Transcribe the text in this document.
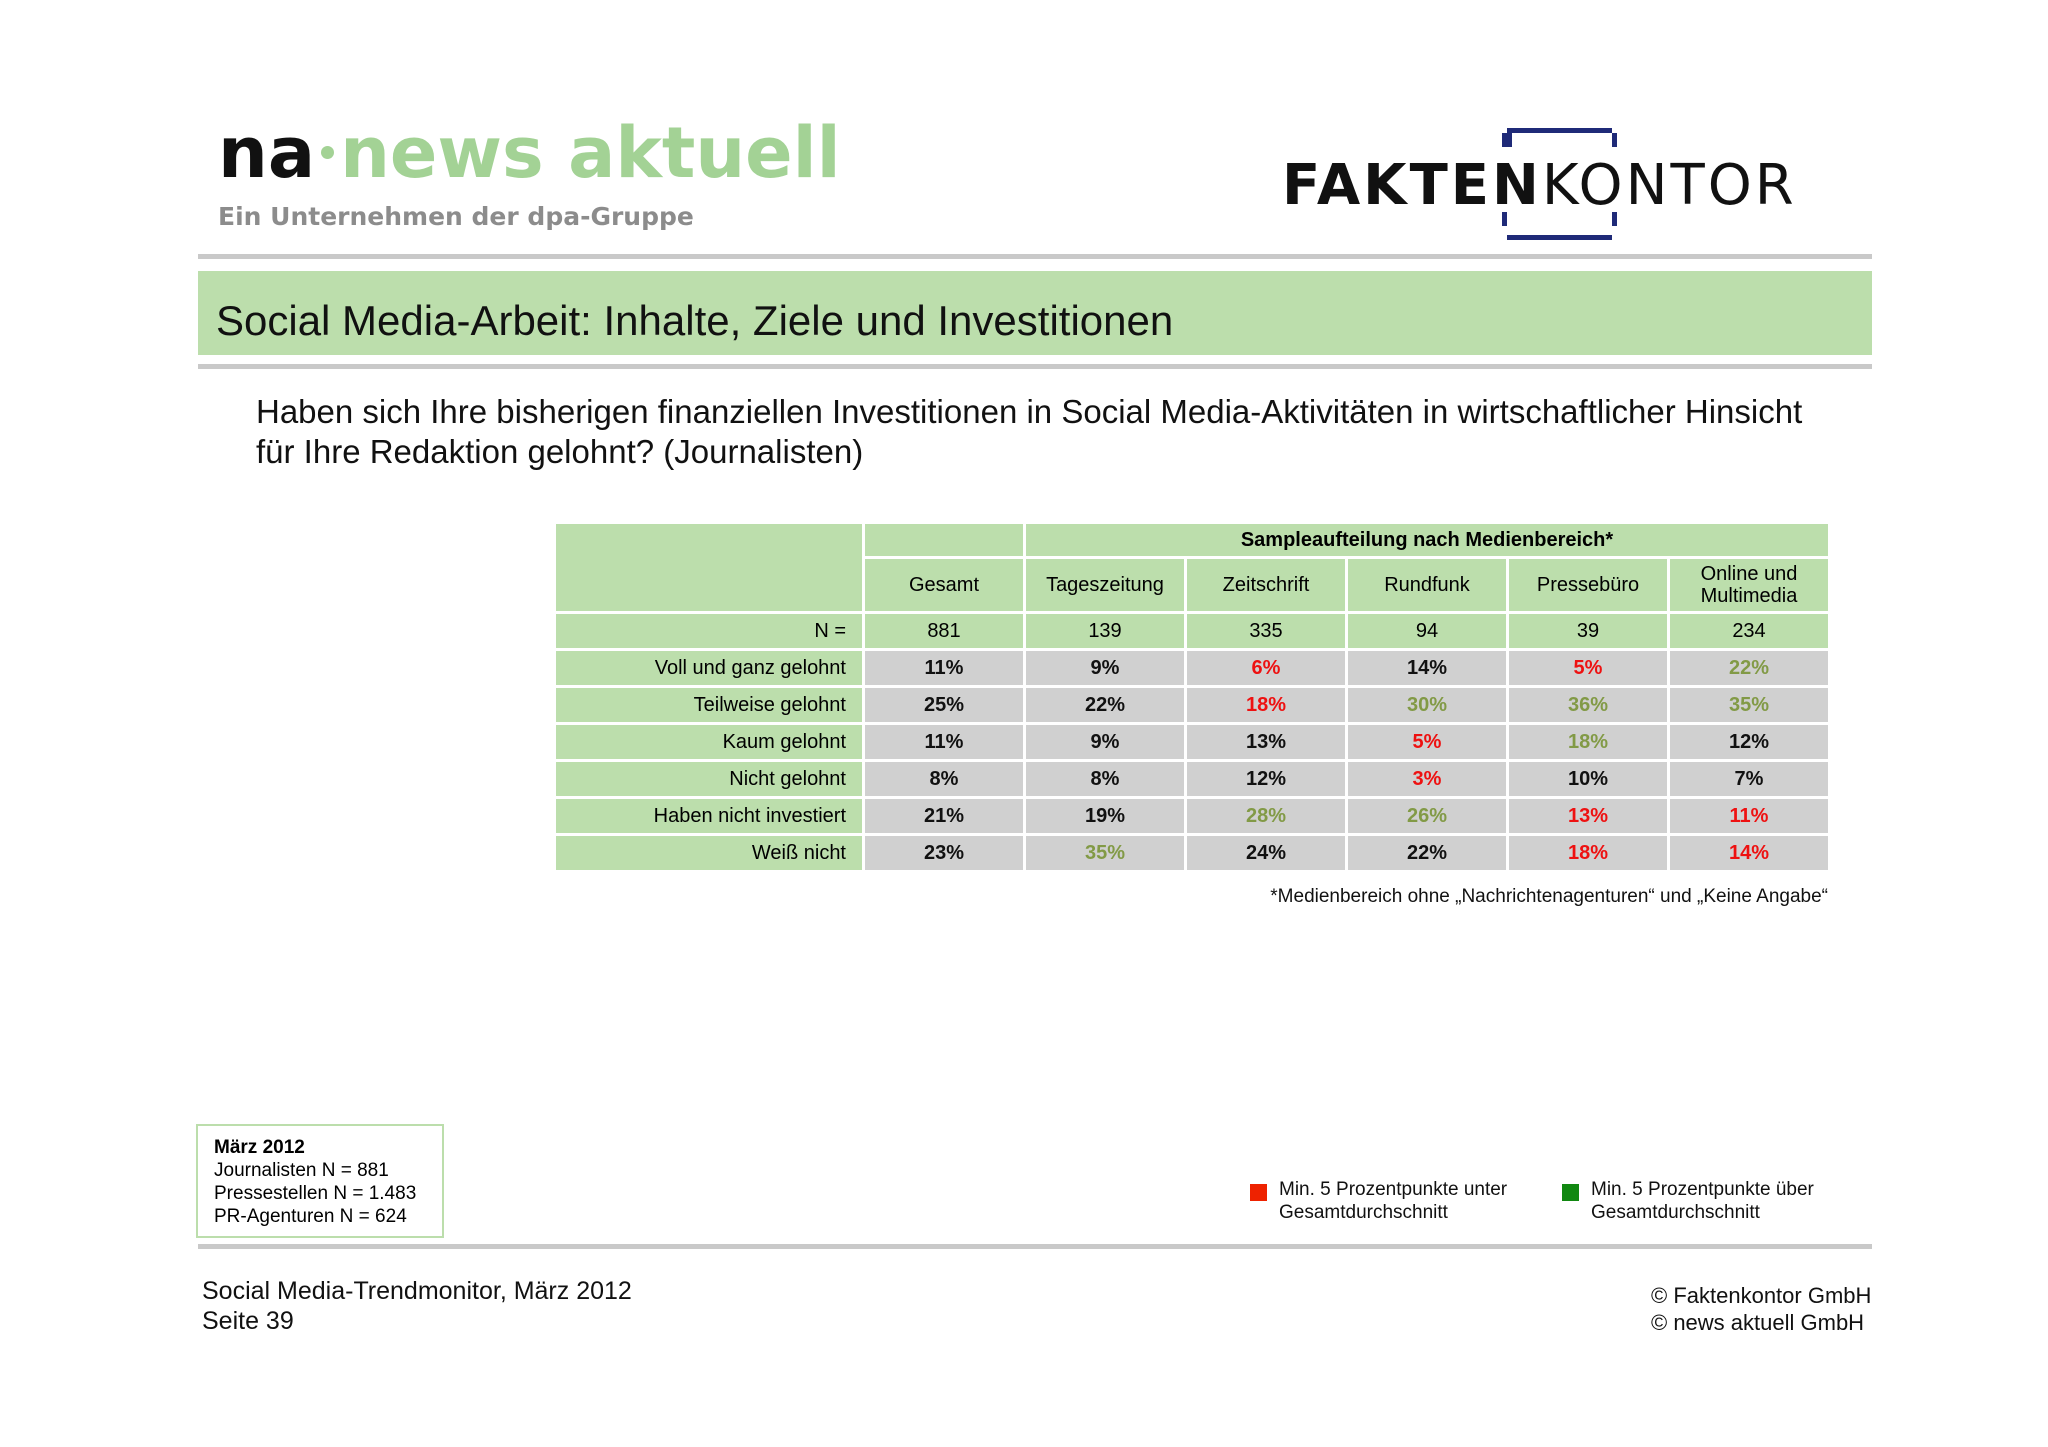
na news aktuell
Ein Unternehmen der dpa-Gruppe	FAKTENKONTOR
Social Media-Arbeit: Inhalte, Ziele und Investitionen
Haben sich Ihre bisherigen finanziellen Investitionen in Social Media-Aktivitäten in wirtschaftlicher Hinsicht für Ihre Redaktion gelohnt? (Journalisten)
		Sampleaufteilung nach Medienbereich*				
	Gesamt	Tageszeitung	Zeitschrift	Rundfunk	Pressebüro	Online und Multimedia
N =	881	139	335	94	39	234
Voll und ganz gelohnt	11%	9%	6%	14%	5%	22%
Teilweise gelohnt	25%	22%	18%	30%	36%	35%
Kaum gelohnt	11%	9%	13%	5%	18%	12%
Nicht gelohnt	8%	8%	12%	3%	10%	7%
Haben nicht investiert	21%	19%	28%	26%	13%	11%
Weiß nicht	23%	35%	24%	22%	18%	14%
*Medienbereich ohne „Nachrichtenagenturen“ und „Keine Angabe“
März 2012
Journalisten N = 881
Pressestellen N = 1.483
PR-Agenturen N = 624
Min. 5 Prozentpunkte unter
Gesamtdurchschnitt
Min. 5 Prozentpunkte über
Gesamtdurchschnitt
Social Media-Trendmonitor, März 2012
Seite 39
© Faktenkontor GmbH
© news aktuell GmbH
